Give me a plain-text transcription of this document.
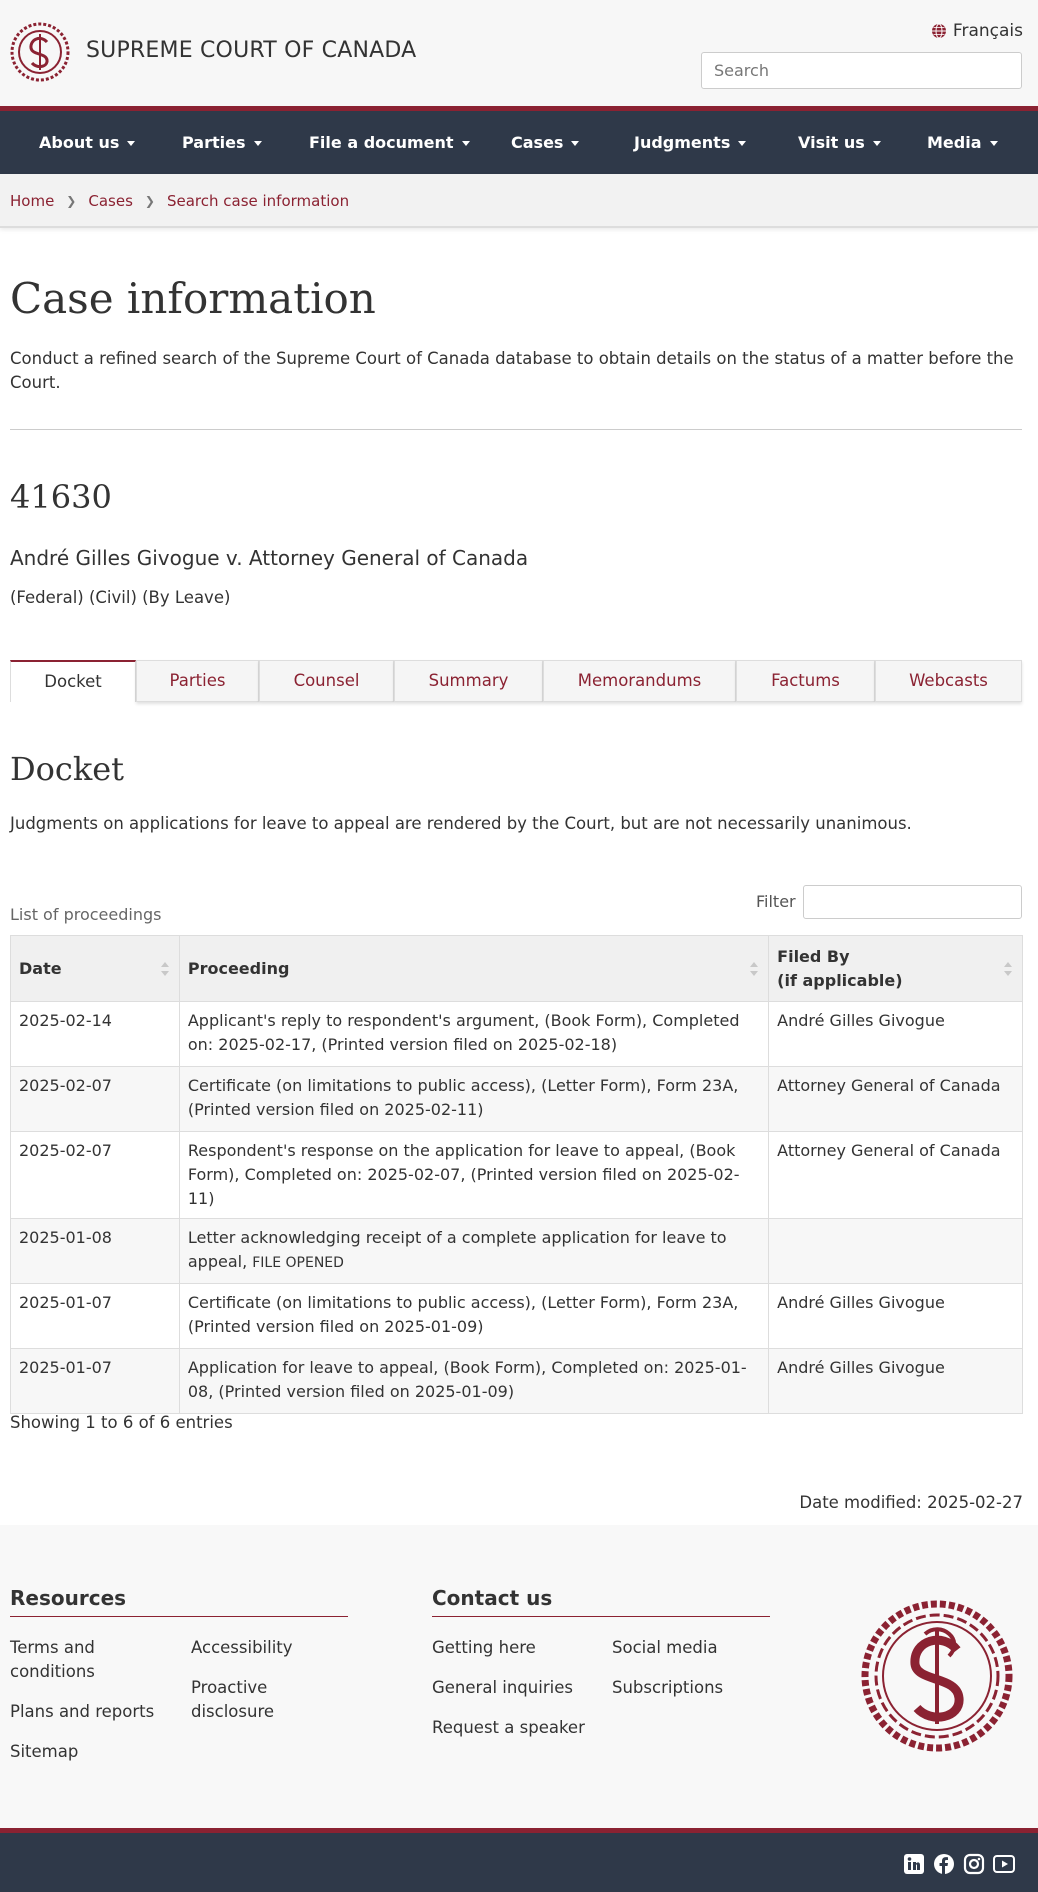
SUPREME COURT OF CANADA
Français
Search
About us	Parties	File a document	Cases	Judgments	Visit us	Media
Home ❯ Cases ❯ Search case information
Case information

Conduct a refined search of the Supreme Court of Canada database to obtain details on the status of a matter before the Court.

41630
André Gilles Givogue v. Attorney General of Canada
(Federal) (Civil) (By Leave)
Docket	Parties	Counsel	Summary	Memorandums	Factums	Webcasts
Docket

Judgments on applications for leave to appeal are rendered by the Court, but are not necessarily unanimous.

Filter
List of proceedings
Date	Proceeding	Filed By
(if applicable)

2025-02-14	Applicant's reply to respondent's argument, (Book Form), Completed on: 2025-02-17, (Printed version filed on 2025-02-18)	André Gilles Givogue
2025-02-07	Certificate (on limitations to public access), (Letter Form), Form 23A, (Printed version filed on 2025-02-11)	Attorney General of Canada
2025-02-07	Respondent's response on the application for leave to appeal, (Book Form), Completed on: 2025-02-07, (Printed version filed on 2025-02-11)	Attorney General of Canada
2025-01-08	Letter acknowledging receipt of a complete application for leave to appeal, FILE OPENED	
2025-01-07	Certificate (on limitations to public access), (Letter Form), Form 23A, (Printed version filed on 2025-01-09)	André Gilles Givogue
2025-01-07	Application for leave to appeal, (Book Form), Completed on: 2025-01-08, (Printed version filed on 2025-01-09)	André Gilles Givogue
Showing 1 to 6 of 6 entries
Date modified: 2025-02-27
Resources
Terms and conditions
Accessibility
Proactive disclosure
Plans and reports
Sitemap
Contact us
Getting here	Social media
General inquiries Subscriptions
Request a speaker
